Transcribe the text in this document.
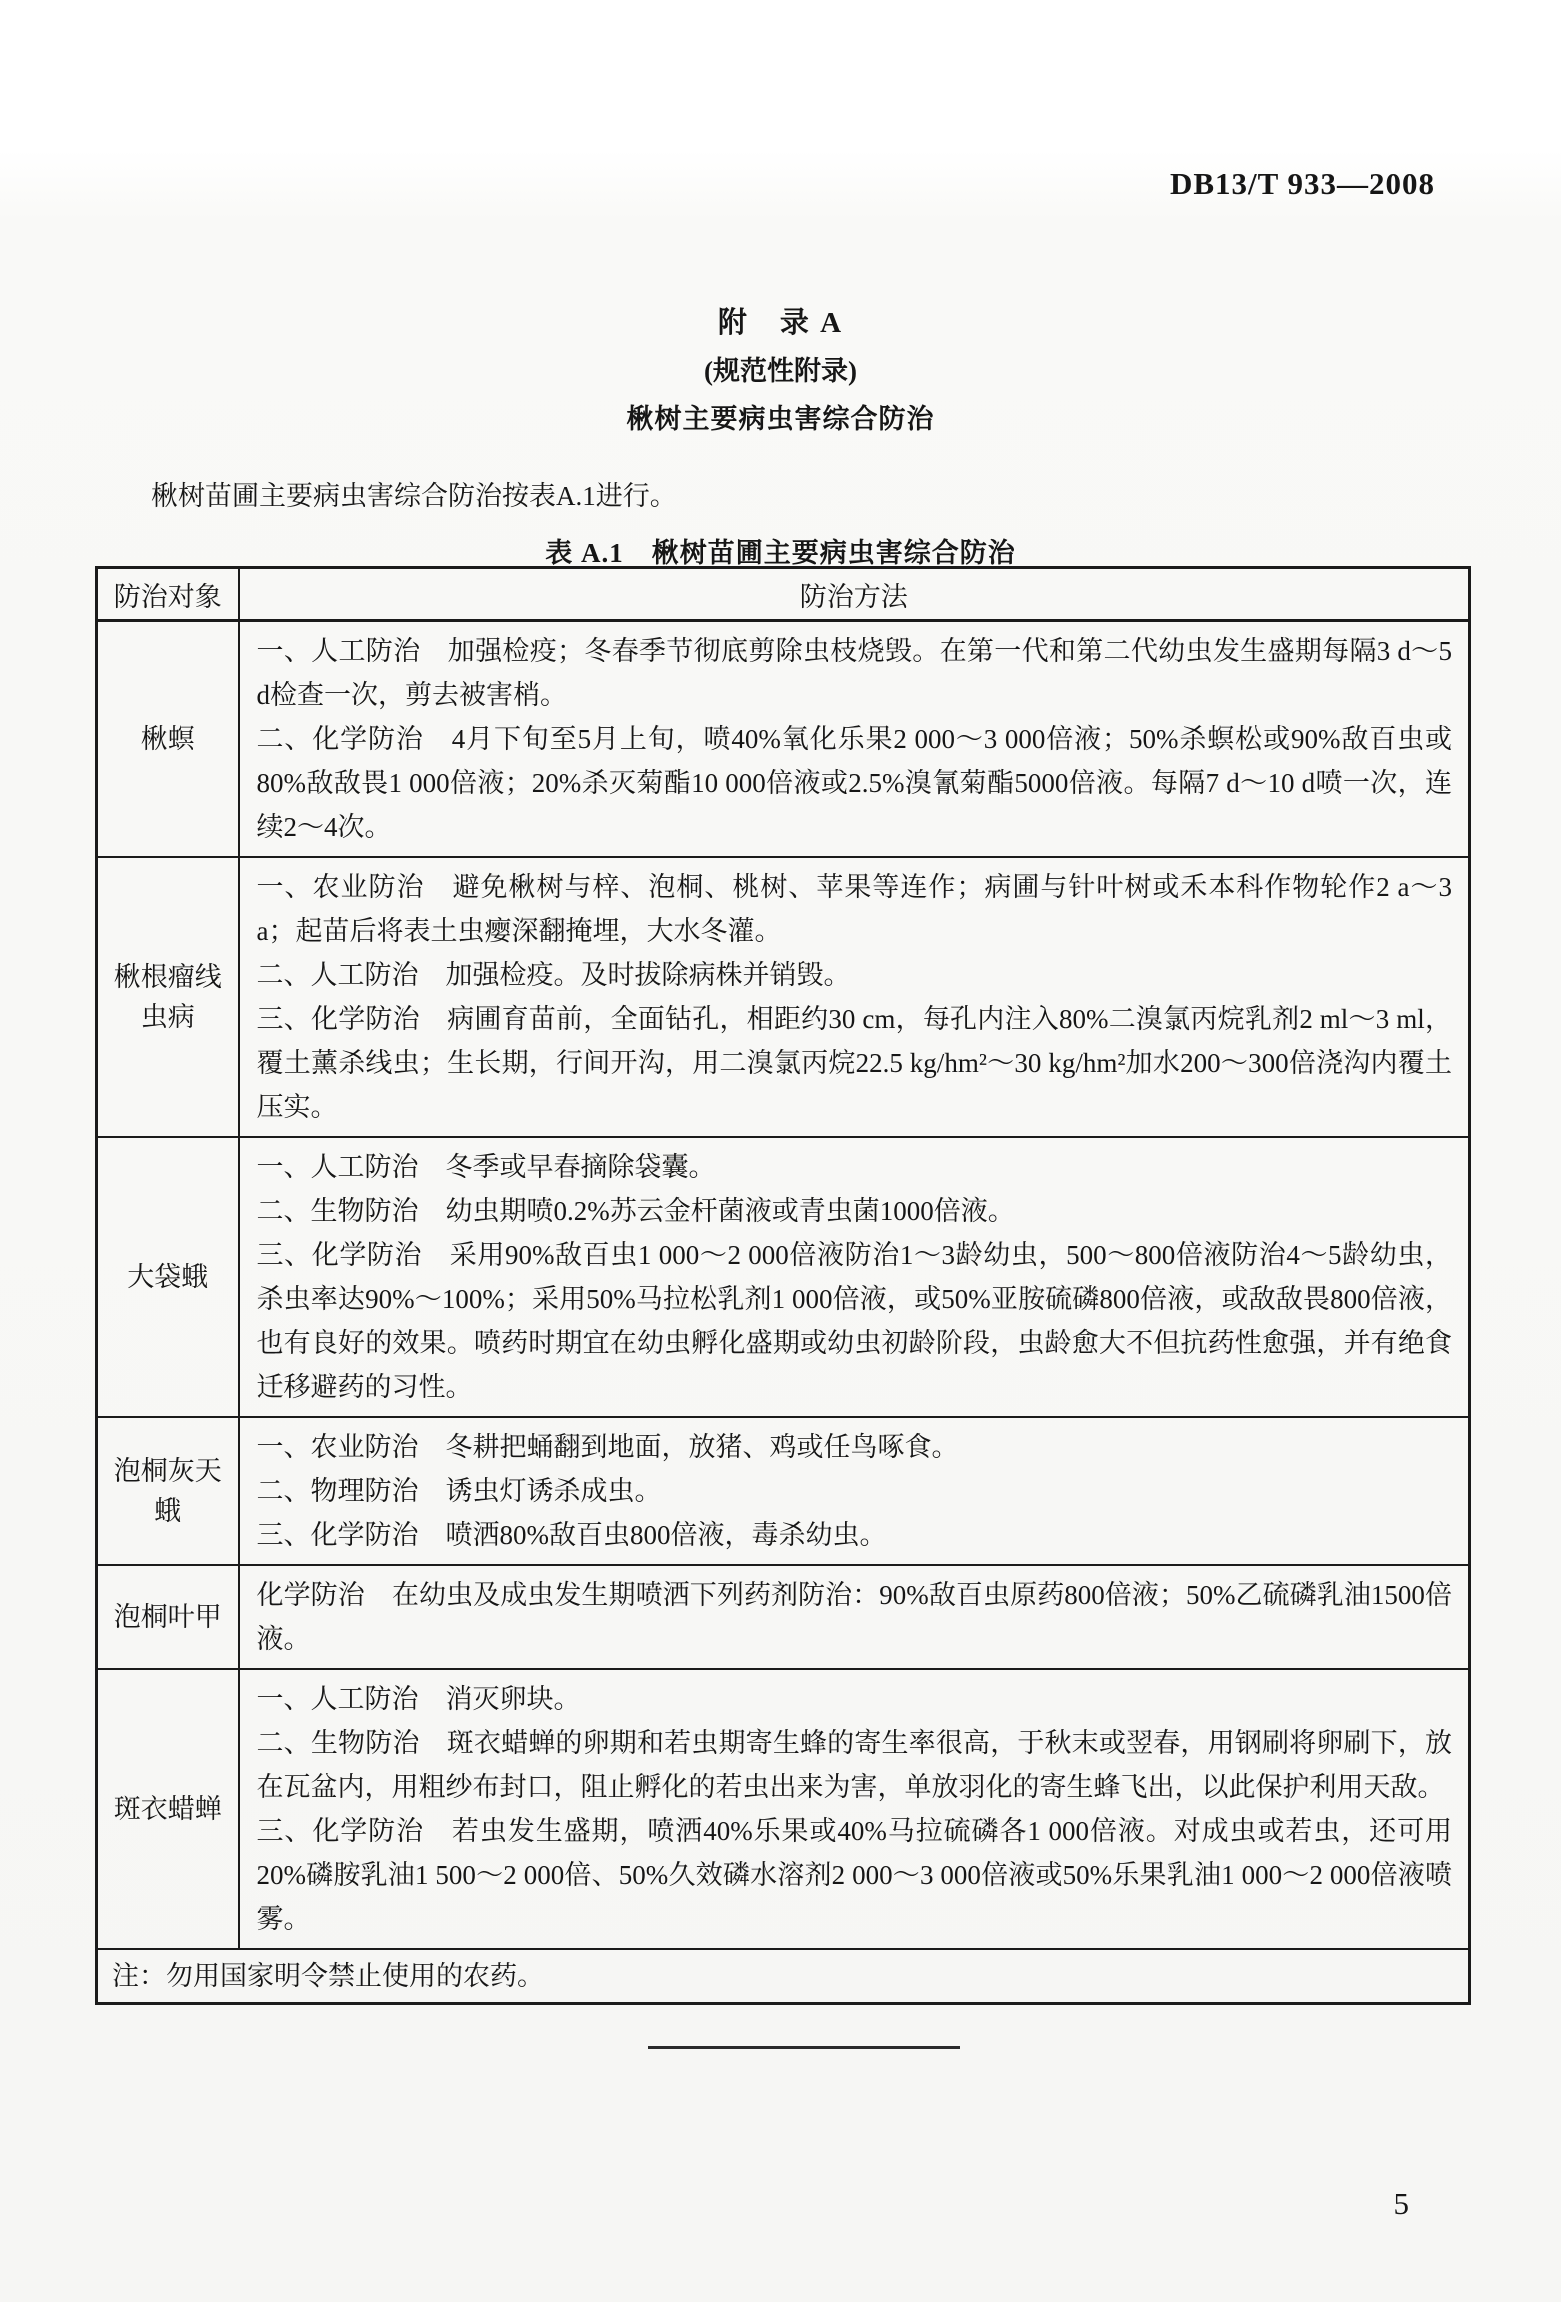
DB13/T 933—2008
附　录 A
(规范性附录)
楸树主要病虫害综合防治

楸树苗圃主要病虫害综合防治按表A.1进行。

表 A.1　楸树苗圃主要病虫害综合防治
防治对象	防治方法
楸螟	一、人工防治　加强检疫；冬春季节彻底剪除虫枝烧毁。在第一代和第二代幼虫发生盛期每隔3 d～5 d检查一次，剪去被害梢。

二、化学防治　4月下旬至5月上旬，喷40%氧化乐果2 000～3 000倍液；50%杀螟松或90%敌百虫或80%敌敌畏1 000倍液；20%杀灭菊酯10 000倍液或2.5%溴氰菊酯5000倍液。每隔7 d～10 d喷一次，连续2～4次。

楸根瘤线虫病	一、农业防治　避免楸树与梓、泡桐、桃树、苹果等连作；病圃与针叶树或禾本科作物轮作2 a～3 a；起苗后将表土虫瘿深翻掩埋，大水冬灌。

二、人工防治　加强检疫。及时拔除病株并销毁。

三、化学防治　病圃育苗前，全面钻孔，相距约30 cm，每孔内注入80%二溴氯丙烷乳剂2 ml～3 ml，覆土薰杀线虫；生长期，行间开沟，用二溴氯丙烷22.5 kg/hm²～30 kg/hm²加水200～300倍浇沟内覆土压实。

大袋蛾	一、人工防治　冬季或早春摘除袋囊。

二、生物防治　幼虫期喷0.2%苏云金杆菌液或青虫菌1000倍液。

三、化学防治　采用90%敌百虫1 000～2 000倍液防治1～3龄幼虫，500～800倍液防治4～5龄幼虫，杀虫率达90%～100%；采用50%马拉松乳剂1 000倍液，或50%亚胺硫磷800倍液，或敌敌畏800倍液，也有良好的效果。喷药时期宜在幼虫孵化盛期或幼虫初龄阶段，虫龄愈大不但抗药性愈强，并有绝食迁移避药的习性。

泡桐灰天蛾	一、农业防治　冬耕把蛹翻到地面，放猪、鸡或任鸟啄食。

二、物理防治　诱虫灯诱杀成虫。

三、化学防治　喷洒80%敌百虫800倍液，毒杀幼虫。

泡桐叶甲	化学防治　在幼虫及成虫发生期喷洒下列药剂防治：90%敌百虫原药800倍液；50%乙硫磷乳油1500倍液。

斑衣蜡蝉	一、人工防治　消灭卵块。

二、生物防治　斑衣蜡蝉的卵期和若虫期寄生蜂的寄生率很高，于秋末或翌春，用钢刷将卵刷下，放在瓦盆内，用粗纱布封口，阻止孵化的若虫出来为害，单放羽化的寄生蜂飞出，以此保护利用天敌。

三、化学防治　若虫发生盛期，喷洒40%乐果或40%马拉硫磷各1 000倍液。对成虫或若虫，还可用20%磷胺乳油1 500～2 000倍、50%久效磷水溶剂2 000～3 000倍液或50%乐果乳油1 000～2 000倍液喷雾。

注：勿用国家明令禁止使用的农药。	
5
